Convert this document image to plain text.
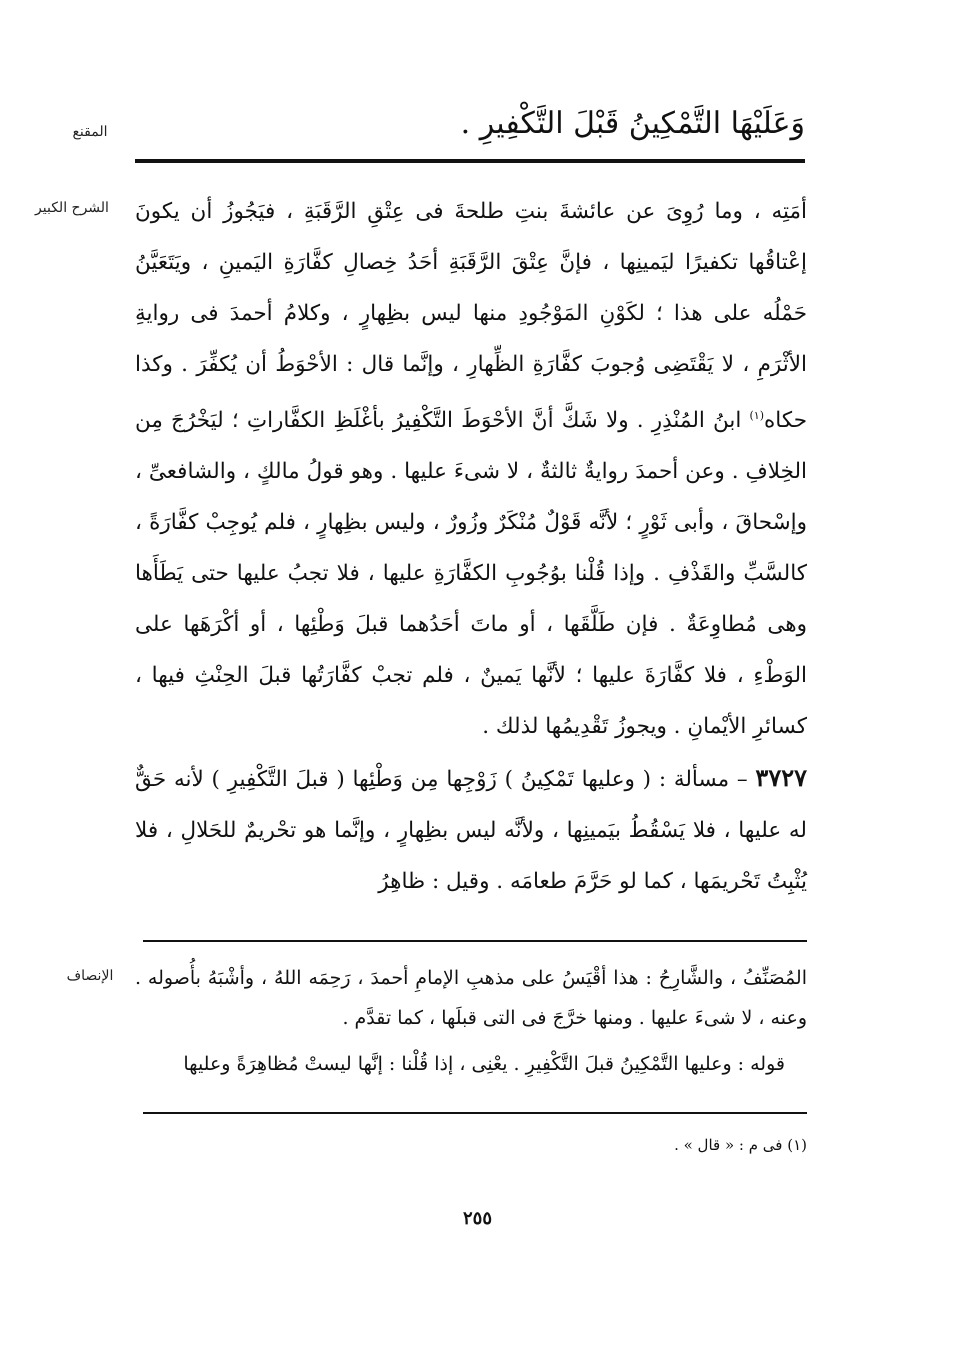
وَعَلَيْهَا التَّمْكِينُ قَبْلَ التَّكْفِيرِ .
المقنع
الشرح الكبير	أمَتِه ، وما رُوِىَ عن عائشةَ بنتِ طلحةَ فى عِتْقِ الرَّقَبَةِ ، فيَجُوزُ أن يكونَ إعْتاقُها تكفيرًا ليَمينِها ، فإنَّ عِتْقَ الرَّقَبَةِ أحَدُ خِصالِ كفَّارَةِ اليَمينِ ، ويَتَعَيَّنُ حَمْلُه على هذا ؛ لكَوْنِ المَوْجُودِ منها ليس بظِهارٍ ، وكلامُ أحمدَ فى روايةِ الأثْرَمِ ، لا يَقْتَضِى وُجوبَ كفَّارَةِ الظِّهارِ ، وإنَّما قال : الأحْوَطُ أن يُكفِّرَ . وكذا حكاه$^{(١)}$ ابنُ المُنْذِرِ . ولا شَكَّ أنَّ الأحْوَطَ التَّكْفِيرُ بأغْلَظِ الكفَّاراتِ ؛ ليَخْرُجَ مِن الخِلافِ . وعن أحمدَ روايةٌ ثالثةٌ ، لا شىءَ عليها . وهو قولُ مالكٍ ، والشافعىِّ ، وإسْحاقَ ، وأبى ثَوْرٍ ؛ لأنَّه قَوْلٌ مُنْكَرٌ وزُورٌ ، وليس بظِهارٍ ، فلم يُوجِبْ كفَّارَةً ، كالسَّبِّ والقَذْفِ . وإذا قُلْنا بوُجُوبِ الكفَّارَةِ عليها ، فلا تجبُ عليها حتى يَطَأَها وهى مُطاوِعَةٌ . فإن طَلَّقَها ، أو ماتَ أحَدُهما قبلَ وَطْئِها ، أو أكْرَهَها على الوَطْءِ ، فلا كفَّارَةَ عليها ؛ لأنَّها يَمينٌ ، فلم تجبْ كفَّارَتُها قبلَ الحِنْثِ فيها ، كسائرِ الأيْمانِ . ويجوزُ تَقْدِيمُها لذلك .

٣٧٢٧ – مسألة : ( وعليها تَمْكِينُ ) زَوْجِها مِن وَطْئِها ( قبلَ التَّكْفِيرِ ) لأنه حَقٌّ له عليها ، فلا يَسْقُطُ بيَمينِها ، ولأنَّه ليس بظِهارٍ ، وإنَّما هو تحْريمٌ للحَلالِ ، فلا يُثْبِتُ تَحْريمَها ، كما لو حَرَّمَ طعامَه . وقيل : ظاهِرُ

الإنصاف	المُصَنِّفُ ، والشَّارِحُ : هذا أقْيَسُ على مذهبِ الإمامِ أحمدَ ، رَحِمَه اللهُ ، وأشْبَهُ بأُصوله . وعنه ، لا شىءَ عليها . ومنها خرَّجَ فى التى قبلَها ، كما تقدَّم .

قوله : وعليها التَّمْكِينُ قبلَ التَّكْفِيرِ . يعْنِى ، إذا قُلْنا : إنَّها ليستْ مُظاهِرَةً وعليها

(١) فى م : « قال » .
٢٥٥
